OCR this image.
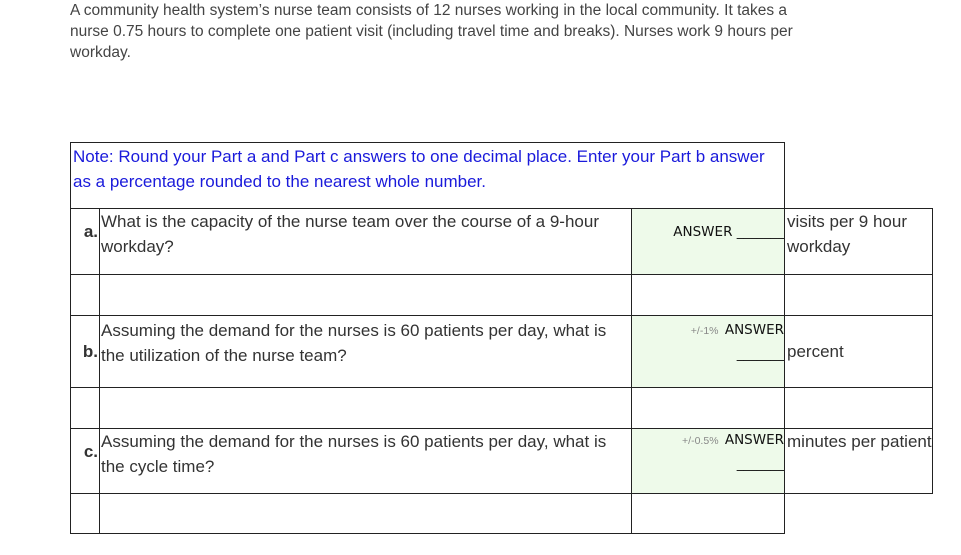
A community health system’s nurse team consists of 12 nurses working in the local community. It takes a nurse 0.75 hours to complete one patient visit (including travel time and breaks). Nurses work 9 hours per workday.
Note: Round your Part a and Part c answers to one decimal place. Enter your Part b answer as a percentage rounded to the nearest whole number.
a.
What is the capacity of the nurse team over the course of a 9-hour workday?
ANSWER _______
visits per 9 hour workday
b.
Assuming the demand for the nurses is 60 patients per day, what is the utilization of the nurse team?
+/-1% ANSWER
_______ percent
c.
Assuming the demand for the nurses is 60 patients per day, what is the cycle time?
+/-0.5% ANSWER
_______
minutes per patient
